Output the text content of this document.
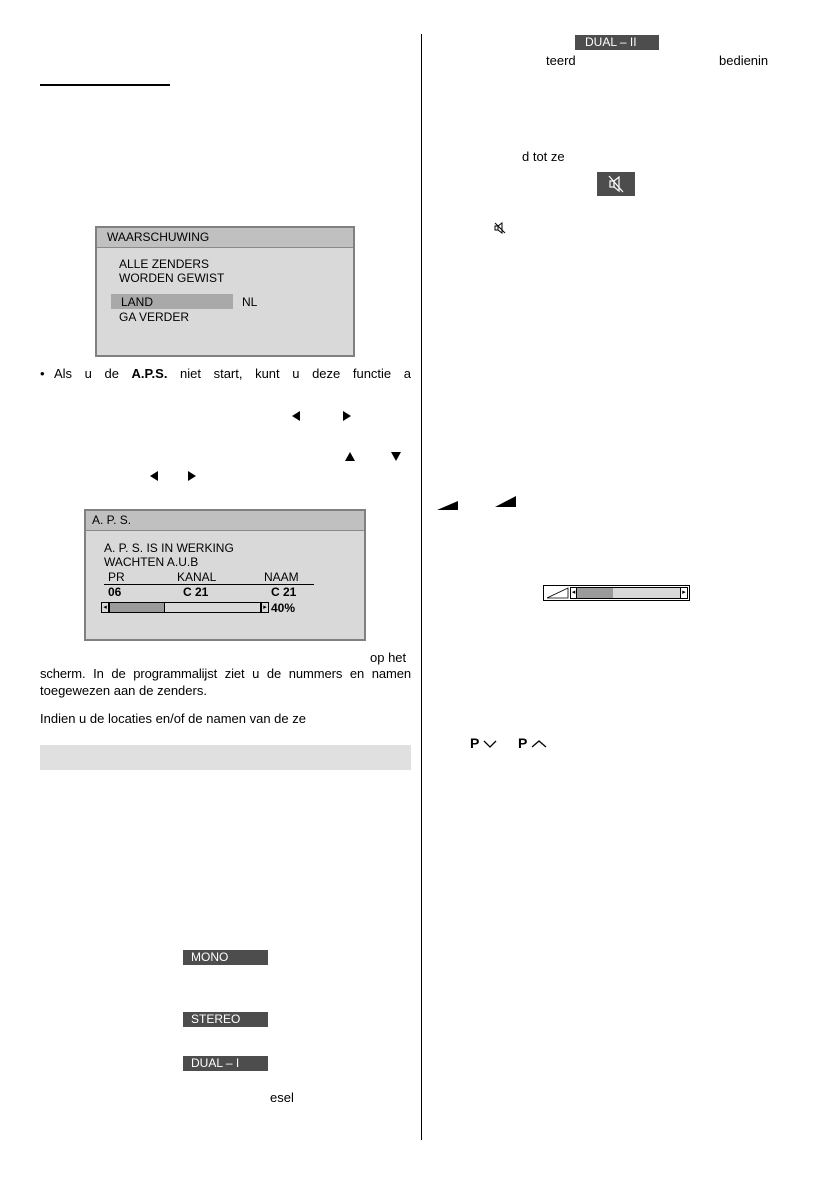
WAARSCHUWING
ALLE ZENDERS
WORDEN GEWIST
LAND	NL
GA VERDER
• Als u de A.P.S. niet start, kunt u deze functie a
A. P. S.
A. P. S. IS IN WERKING
WACHTEN A.U.B
PR	KANAL	NAAM
06	C 21	C 21
◂	▸ 40%
op het
scherm. In de programmalijst ziet u de nummers en namen
toegewezen aan de zenders.
Indien u de locaties en/of de namen van de ze
MONO
STEREO
DUAL – I
esel
DUAL – II
teerd	bedienin
d tot ze
◂	▸
P	P
